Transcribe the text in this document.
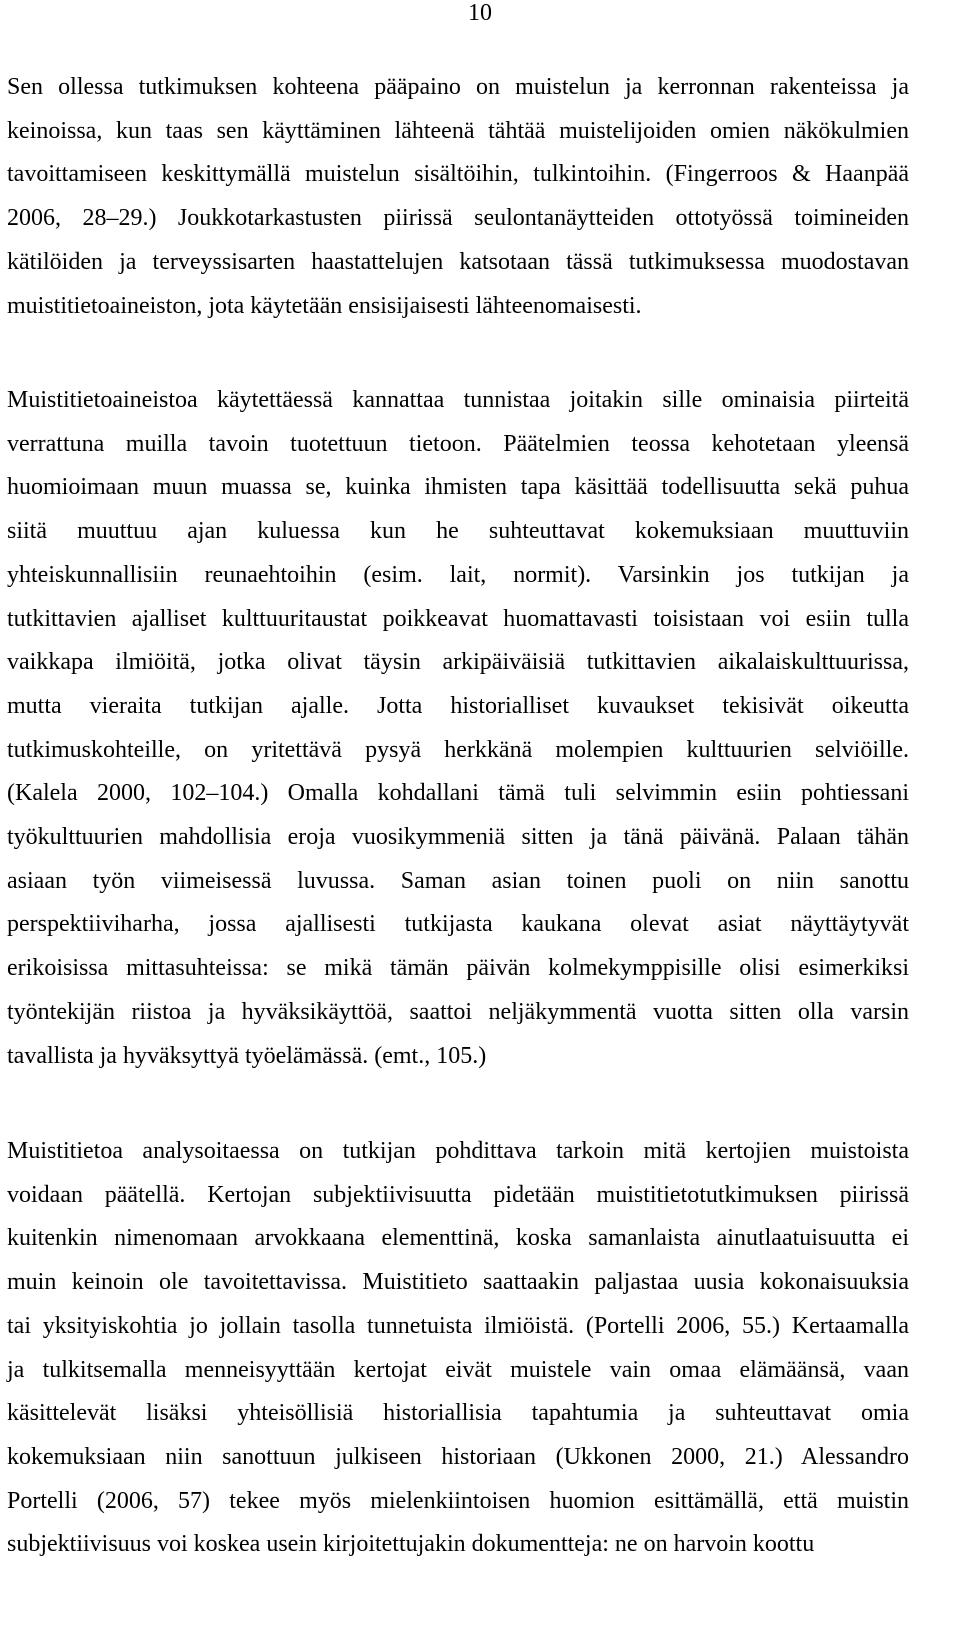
10
Sen ollessa tutkimuksen kohteena pääpaino on muistelun ja kerronnan rakenteissa ja
keinoissa, kun taas sen käyttäminen lähteenä tähtää muistelijoiden omien näkökulmien
tavoittamiseen keskittymällä muistelun sisältöihin, tulkintoihin. (Fingerroos & Haanpää
2006, 28–29.) Joukkotarkastusten piirissä seulontanäytteiden ottotyössä toimineiden
kätilöiden ja terveyssisarten haastattelujen katsotaan tässä tutkimuksessa muodostavan
muistitietoaineiston, jota käytetään ensisijaisesti lähteenomaisesti.
Muistitietoaineistoa käytettäessä kannattaa tunnistaa joitakin sille ominaisia piirteitä
verrattuna muilla tavoin tuotettuun tietoon. Päätelmien teossa kehotetaan yleensä
huomioimaan muun muassa se, kuinka ihmisten tapa käsittää todellisuutta sekä puhua
siitä muuttuu ajan kuluessa kun he suhteuttavat kokemuksiaan muuttuviin
yhteiskunnallisiin reunaehtoihin (esim. lait, normit). Varsinkin jos tutkijan ja
tutkittavien ajalliset kulttuuritaustat poikkeavat huomattavasti toisistaan voi esiin tulla
vaikkapa ilmiöitä, jotka olivat täysin arkipäiväisiä tutkittavien aikalaiskulttuurissa,
mutta vieraita tutkijan ajalle. Jotta historialliset kuvaukset tekisivät oikeutta
tutkimuskohteille, on yritettävä pysyä herkkänä molempien kulttuurien selviöille.
(Kalela 2000, 102–104.) Omalla kohdallani tämä tuli selvimmin esiin pohtiessani
työkulttuurien mahdollisia eroja vuosikymmeniä sitten ja tänä päivänä. Palaan tähän
asiaan työn viimeisessä luvussa. Saman asian toinen puoli on niin sanottu
perspektiiviharha, jossa ajallisesti tutkijasta kaukana olevat asiat näyttäytyvät
erikoisissa mittasuhteissa: se mikä tämän päivän kolmekymppisille olisi esimerkiksi
työntekijän riistoa ja hyväksikäyttöä, saattoi neljäkymmentä vuotta sitten olla varsin
tavallista ja hyväksyttyä työelämässä. (emt., 105.)
Muistitietoa analysoitaessa on tutkijan pohdittava tarkoin mitä kertojien muistoista
voidaan päätellä. Kertojan subjektiivisuutta pidetään muistitietotutkimuksen piirissä
kuitenkin nimenomaan arvokkaana elementtinä, koska samanlaista ainutlaatuisuutta ei
muin keinoin ole tavoitettavissa. Muistitieto saattaakin paljastaa uusia kokonaisuuksia
tai yksityiskohtia jo jollain tasolla tunnetuista ilmiöistä. (Portelli 2006, 55.) Kertaamalla
ja tulkitsemalla menneisyyttään kertojat eivät muistele vain omaa elämäänsä, vaan
käsittelevät lisäksi yhteisöllisiä historiallisia tapahtumia ja suhteuttavat omia
kokemuksiaan niin sanottuun julkiseen historiaan (Ukkonen 2000, 21.) Alessandro
Portelli (2006, 57) tekee myös mielenkiintoisen huomion esittämällä, että muistin
subjektiivisuus voi koskea usein kirjoitettujakin dokumentteja: ne on harvoin koottu
